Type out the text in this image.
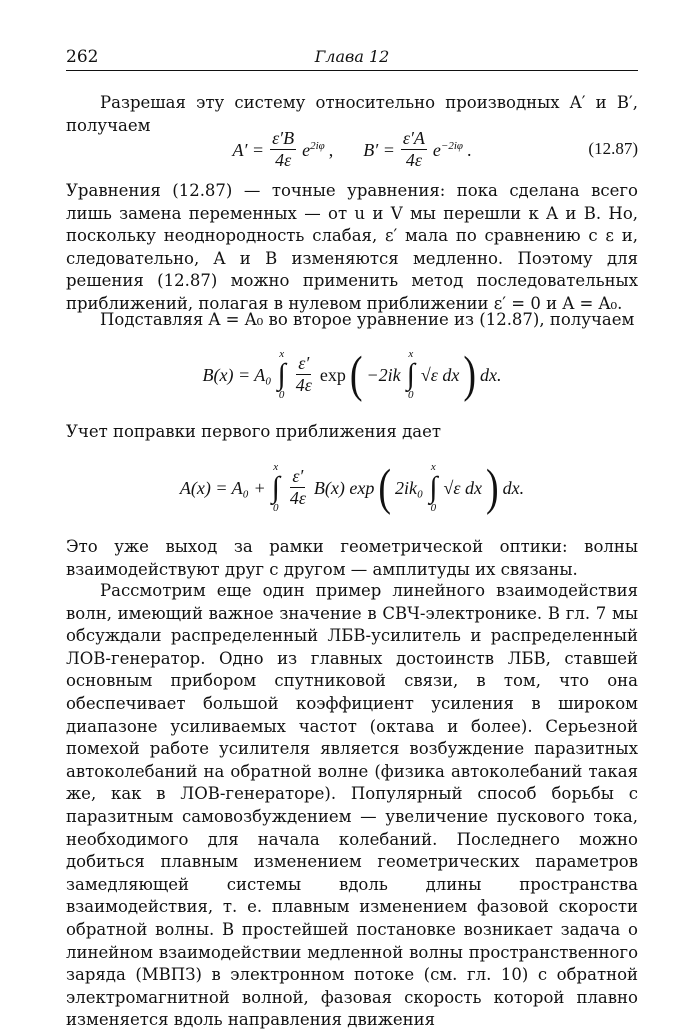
262	Глава 12

Разрешая эту систему относительно производных A′ и B′, получаем

$A' = \frac{\varepsilon'B}{4\varepsilon} e^{2i\varphi}$ , $B' = \frac{\varepsilon'A}{4\varepsilon} e^{-2i\varphi}$ .	(12.87)

Уравнения (12.87) — точные уравнения: пока сделана всего лишь замена переменных — от u и V мы перешли к A и B. Но, поскольку неоднородность слабая, ε′ мала по сравнению с ε и, следовательно, A и B изменяются медленно. Поэтому для решения (12.87) можно применить метод последовательных приближений, полагая в нулевом приближении ε′ = 0 и A = A₀.

Подставляя A = A₀ во второе уравнение из (12.87), получаем

B(x) = A₀
x
∫
$0 \frac{\varepsilon'}{4\varepsilon}$ exp ( −2ik
x
∫
0
√ε dx ) dx.

Учет поправки первого приближения дает

A(x) = A₀ +
x
∫
$0 \frac{\varepsilon'}{4\varepsilon} B(x)$ exp ( 2ik₀
x
∫
0
√ε dx ) dx.

Это уже выход за рамки геометрической оптики: волны взаимодействуют друг с другом — амплитуды их связаны.

Рассмотрим еще один пример линейного взаимодействия волн, имеющий важное значение в СВЧ-электронике. В гл. 7 мы обсуждали распределенный ЛБВ-усилитель и распределенный ЛОВ-генератор. Одно из главных достоинств ЛБВ, ставшей основным прибором спутниковой связи, в том, что она обеспечивает большой коэффициент усиления в широком диапазоне усиливаемых частот (октава и более). Серьезной помехой работе усилителя является возбуждение паразитных автоколебаний на обратной волне (физика автоколебаний такая же, как в ЛОВ-генераторе). Популярный способ борьбы с паразитным самовозбуждением — увеличение пускового тока, необходимого для начала колебаний. Последнего можно добиться плавным изменением геометрических параметров замедляющей системы вдоль длины пространства взаимодействия, т. е. плавным изменением фазовой скорости обратной волны. В простейшей постановке возникает задача о линейном взаимодействии медленной волны пространственного заряда (МВПЗ) в электронном потоке (см. гл. 10) с обратной электромагнитной волной, фазовая скорость которой плавно изменяется вдоль направления движения
